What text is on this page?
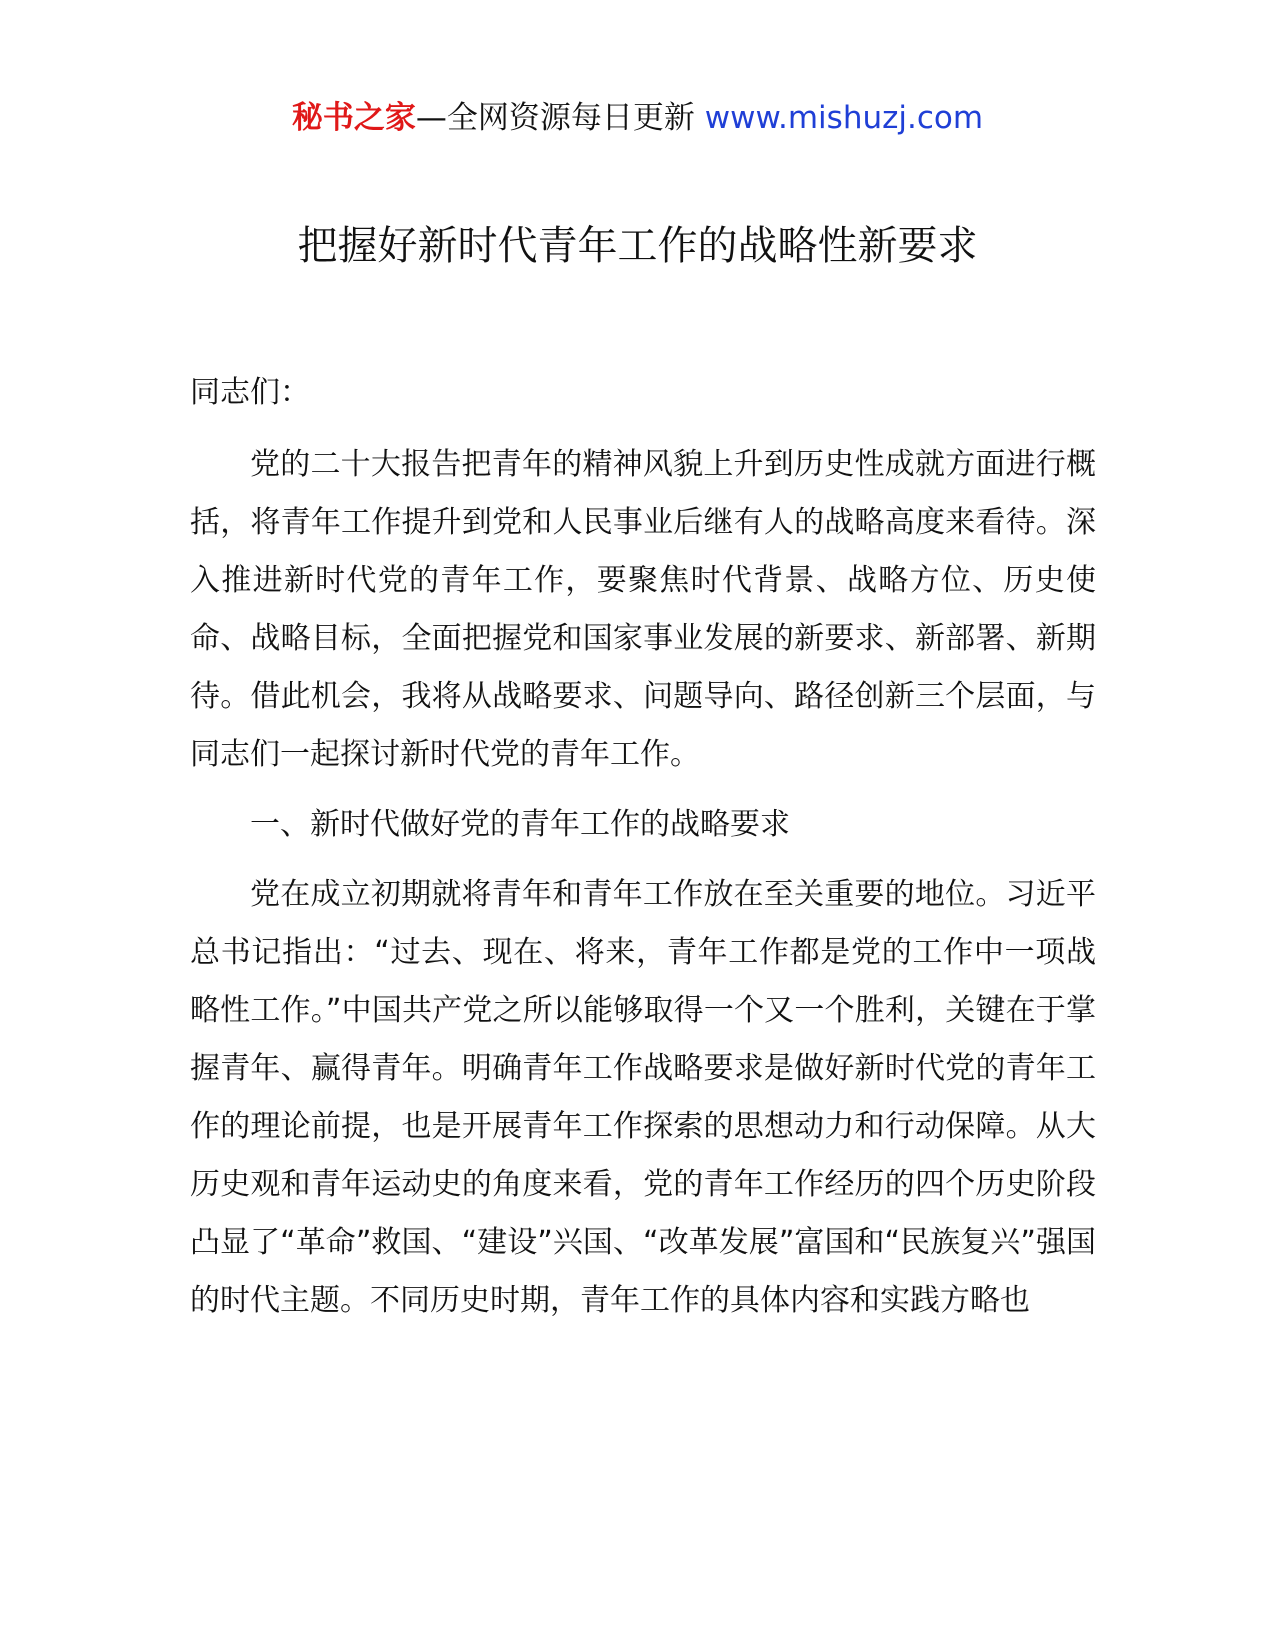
秘书之家—全网资源每日更新 www.mishuzj.com
把握好新时代青年工作的战略性新要求

同志们：

党的二十大报告把青年的精神风貌上升到历史性成就方面进行概括，将青年工作提升到党和人民事业后继有人的战略高度来看待。深入推进新时代党的青年工作，要聚焦时代背景、战略方位、历史使命、战略目标，全面把握党和国家事业发展的新要求、新部署、新期待。借此机会，我将从战略要求、问题导向、路径创新三个层面，与同志们一起探讨新时代党的青年工作。

一、新时代做好党的青年工作的战略要求

党在成立初期就将青年和青年工作放在至关重要的地位。习近平总书记指出：“过去、现在、将来，青年工作都是党的工作中一项战略性工作。”中国共产党之所以能够取得一个又一个胜利，关键在于掌握青年、赢得青年。明确青年工作战略要求是做好新时代党的青年工作的理论前提，也是开展青年工作探索的思想动力和行动保障。从大历史观和青年运动史的角度来看，党的青年工作经历的四个历史阶段凸显了“革命”救国、“建设”兴国、“改革发展”富国和“民族复兴”强国的时代主题。不同历史时期，青年工作的具体内容和实践方略也
